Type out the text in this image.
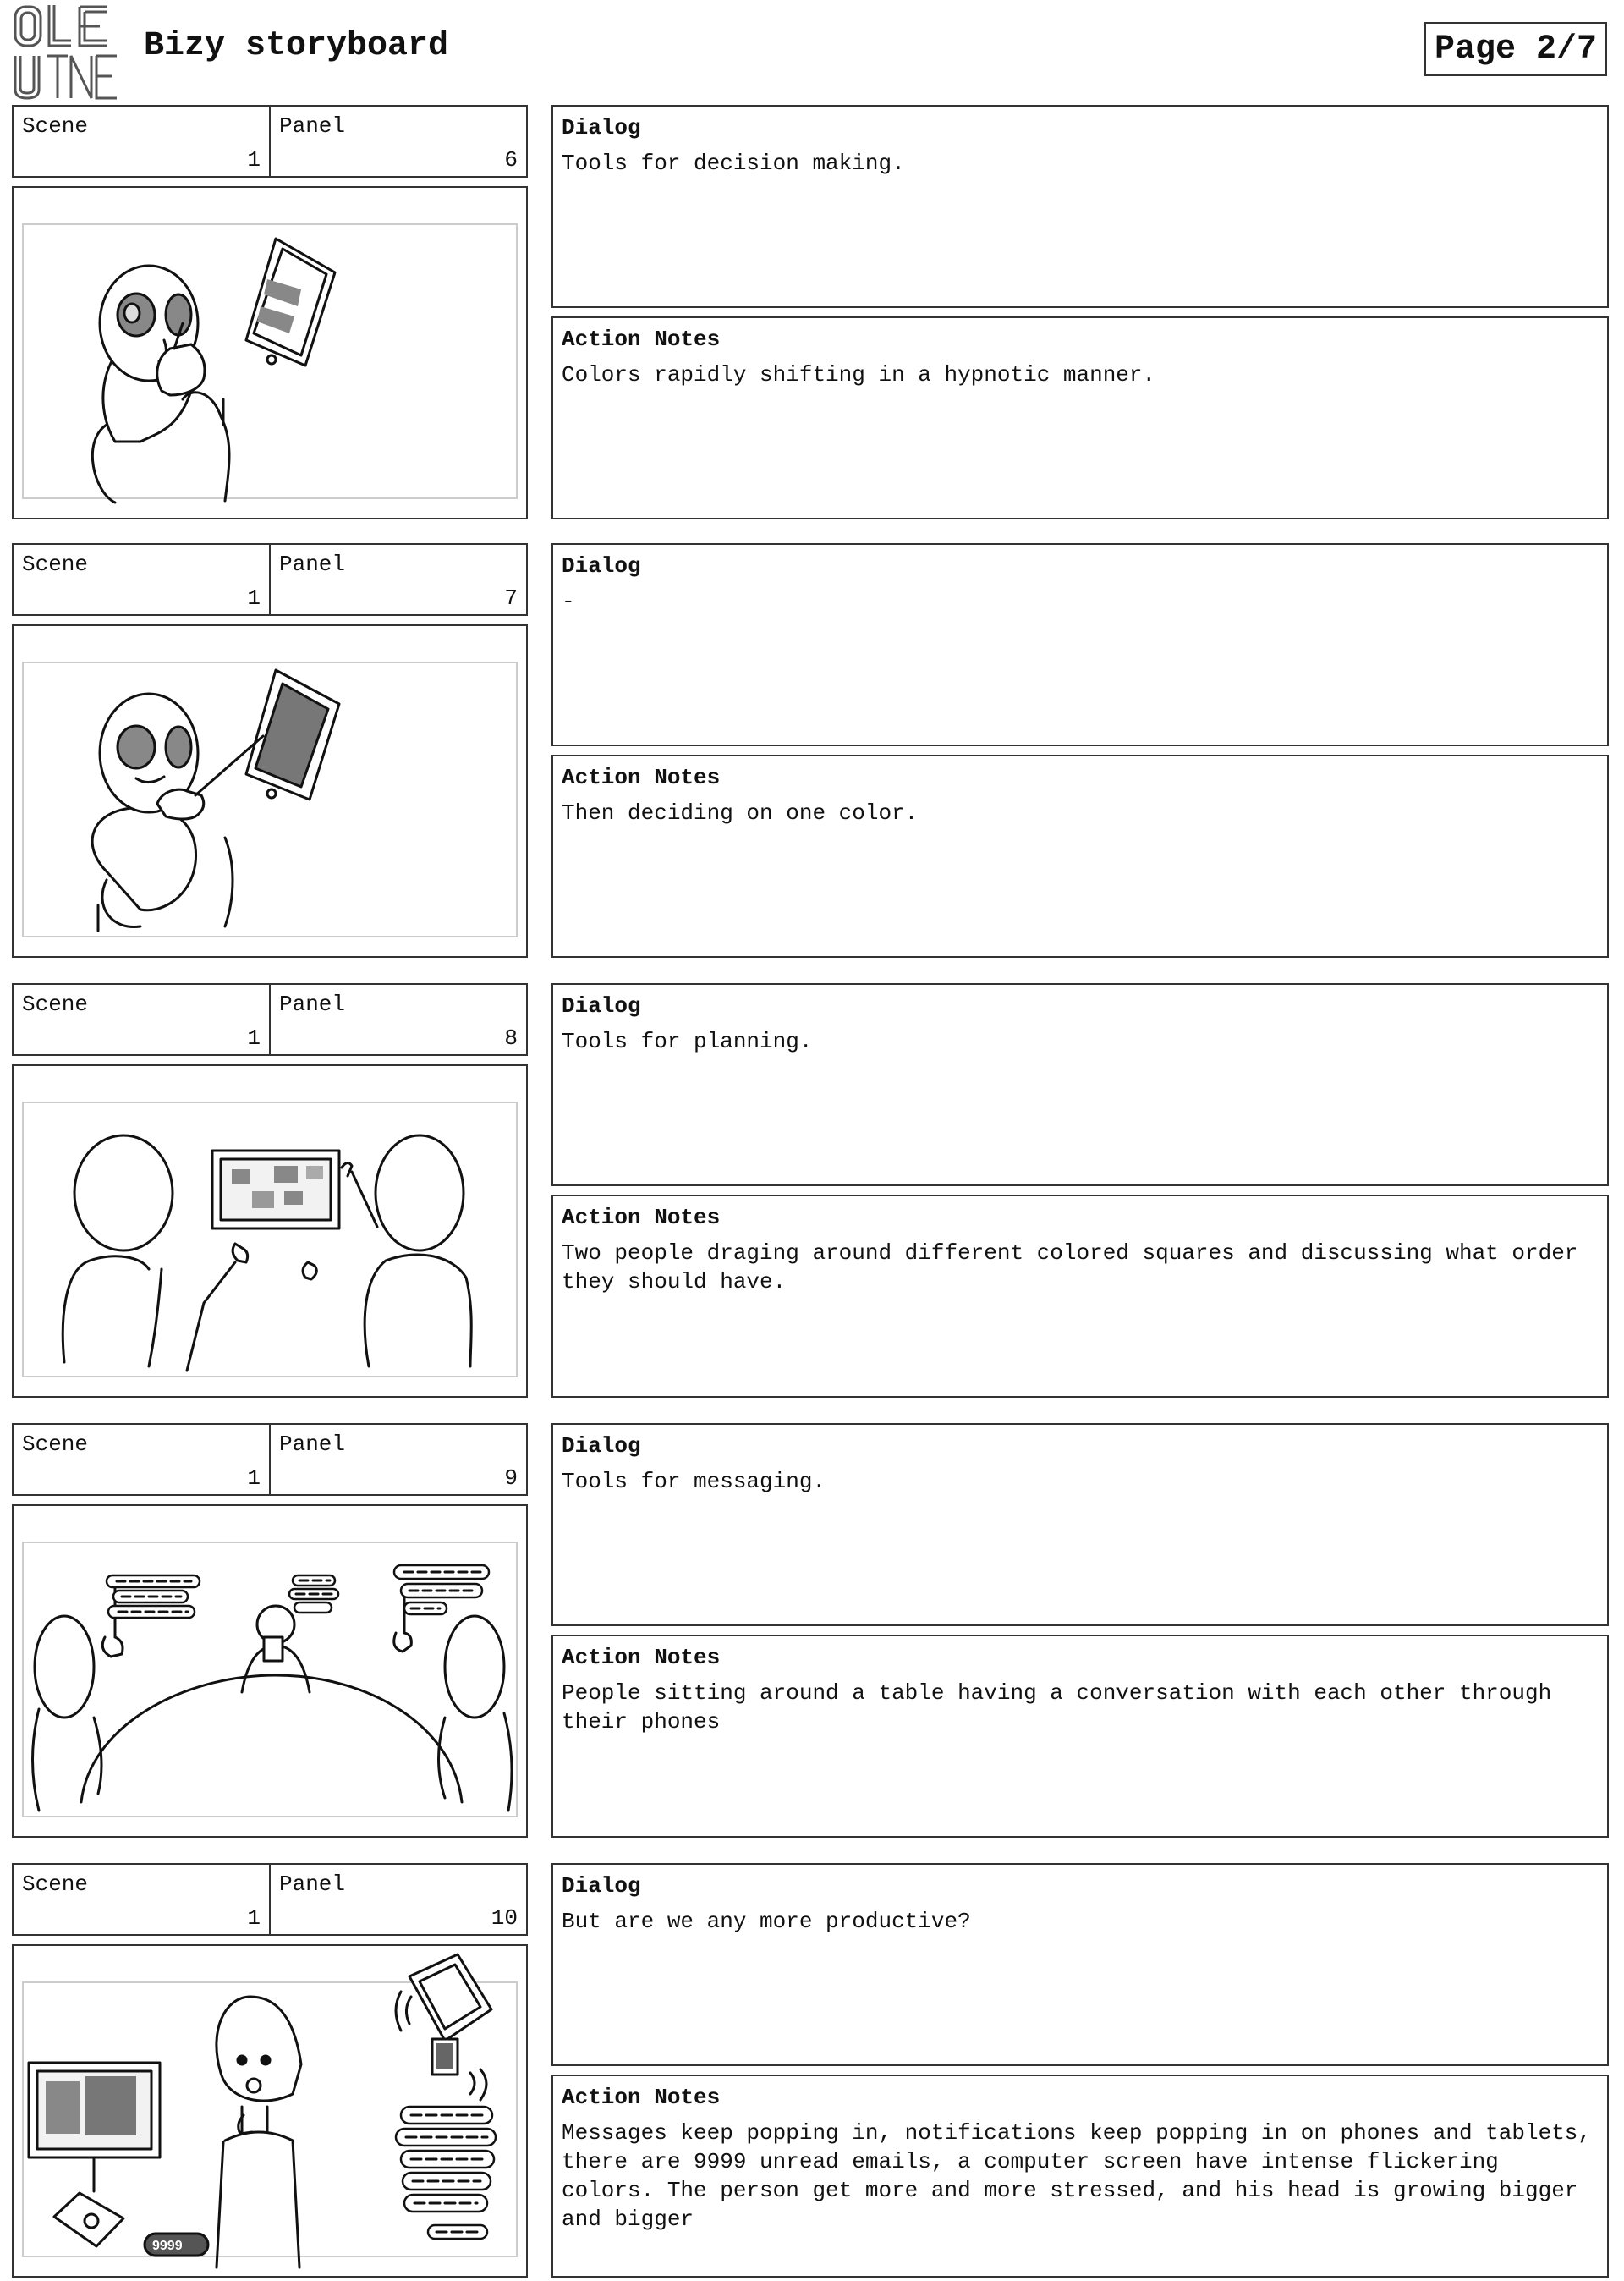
Bizy storyboard	Page 2/7
Scene
1
Panel
6
Dialog
Tools for decision making.
Action Notes
Colors rapidly shifting in a hypnotic manner.
Scene
1
Panel
7
Dialog
-
Action Notes
Then deciding on one color.
Scene
1
Panel
8
Dialog
Tools for planning.
Action Notes
Two people draging around different colored squares and discussing what order they should have.
Scene
1
Panel
9
Dialog
Tools for messaging.
Action Notes
People sitting around a table having a conversation with each other through their phones
Scene
1
Panel
10
9999
Dialog
But are we any more productive?
Action Notes
Messages keep popping in, notifications keep popping in on phones and tablets, there are 9999 unread emails, a computer screen have intense flickering colors. The person get more and more stressed, and his head is growing bigger and bigger
